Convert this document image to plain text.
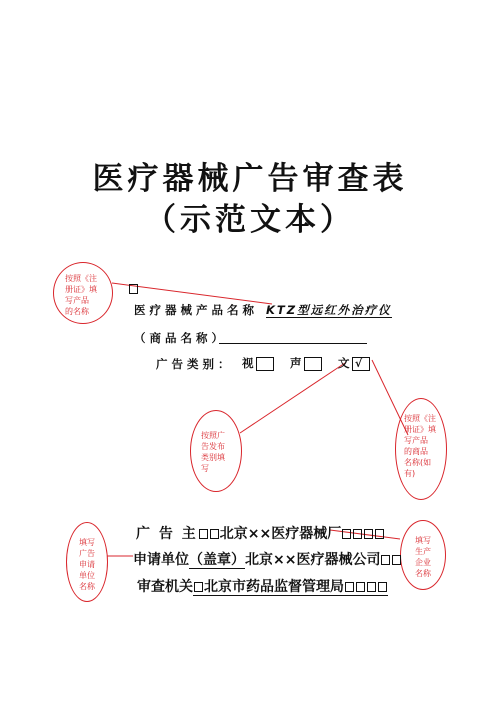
医疗器械广告审查表
（示范文本）
按照《注
册证》填
写产品
的名称	医疗器械产品名称 KTZ型远红外治疗仪
（商品名称）
广告类别： 视	声	文√
按照广
告发布
类别填
写
按照《注
册证》填
写产品
的商品
名称(如
有)
填写
广告
申请
单位
名称
填写
生产
企业
名称
广 告 主 北京××医疗器械厂
申请单位（盖章）北京××医疗器械公司
审查机关 北京市药品监督管理局
